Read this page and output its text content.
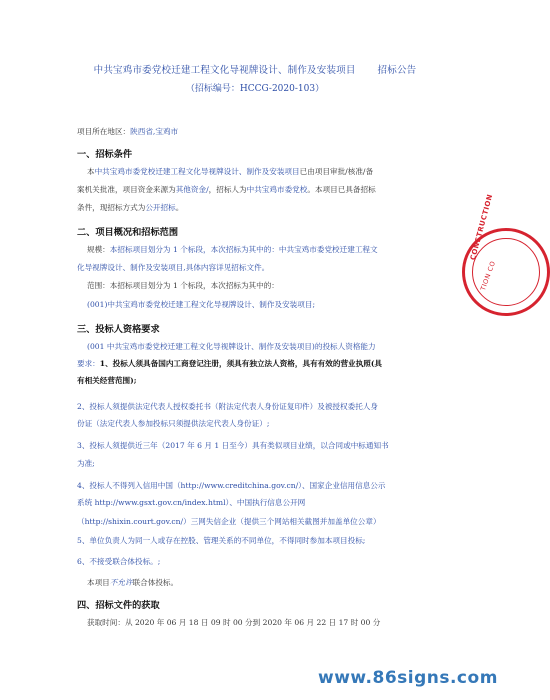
中共宝鸡市委党校迁建工程文化导视牌设计、制作及安装项目 招标公告
（招标编号：HCCG-2020-103）
项目所在地区：陕西省,宝鸡市
一、招标条件
本中共宝鸡市委党校迁建工程文化导视牌设计、制作及安装项目已由项目审批/核准/备
案机关批准，项目资金来源为其他资金/，招标人为中共宝鸡市委党校。本项目已具备招标
条件，现招标方式为公开招标。
二、项目概况和招标范围
规模：本招标项目划分为 1 个标段，本次招标为其中的：中共宝鸡市委党校迁建工程文
化导视牌设计、制作及安装项目,具体内容详见招标文件。
范围：本招标项目划分为 1 个标段，本次招标为其中的：
(001)中共宝鸡市委党校迁建工程文化导视牌设计、制作及安装项目;
三、投标人资格要求
(001 中共宝鸡市委党校迁建工程文化导视牌设计、制作及安装项目)的投标人资格能力
要求：1、投标人须具备国内工商登记注册，须具有独立法人资格，具有有效的营业执照(具
有相关经营范围);
2、投标人须提供法定代表人授权委托书（附法定代表人身份证复印件）及被授权委托人身
份证（法定代表人参加投标只须提供法定代表人身份证）;
3、投标人须提供近三年（2017 年 6 月 1 日至今）具有类似项目业绩，以合同或中标通知书
为准;
4、投标人不得列入信用中国（http://www.creditchina.gov.cn/）、国家企业信用信息公示
系统 http://www.gsxt.gov.cn/index.html）、中国执行信息公开网
（http://shixin.court.gov.cn/）三网失信企业（提供三个网站相关截图并加盖单位公章）
5、单位负责人为同一人或存在控股、管理关系的不同单位，不得同时参加本项目投标;
6、不接受联合体投标。;
本项目不允许联合体投标。
四、招标文件的获取
获取时间：从 2020 年 06 月 18 日 09 时 00 分到 2020 年 06 月 22 日 17 时 00 分
CONSTRUCTION
TION CO
www.86signs.com
